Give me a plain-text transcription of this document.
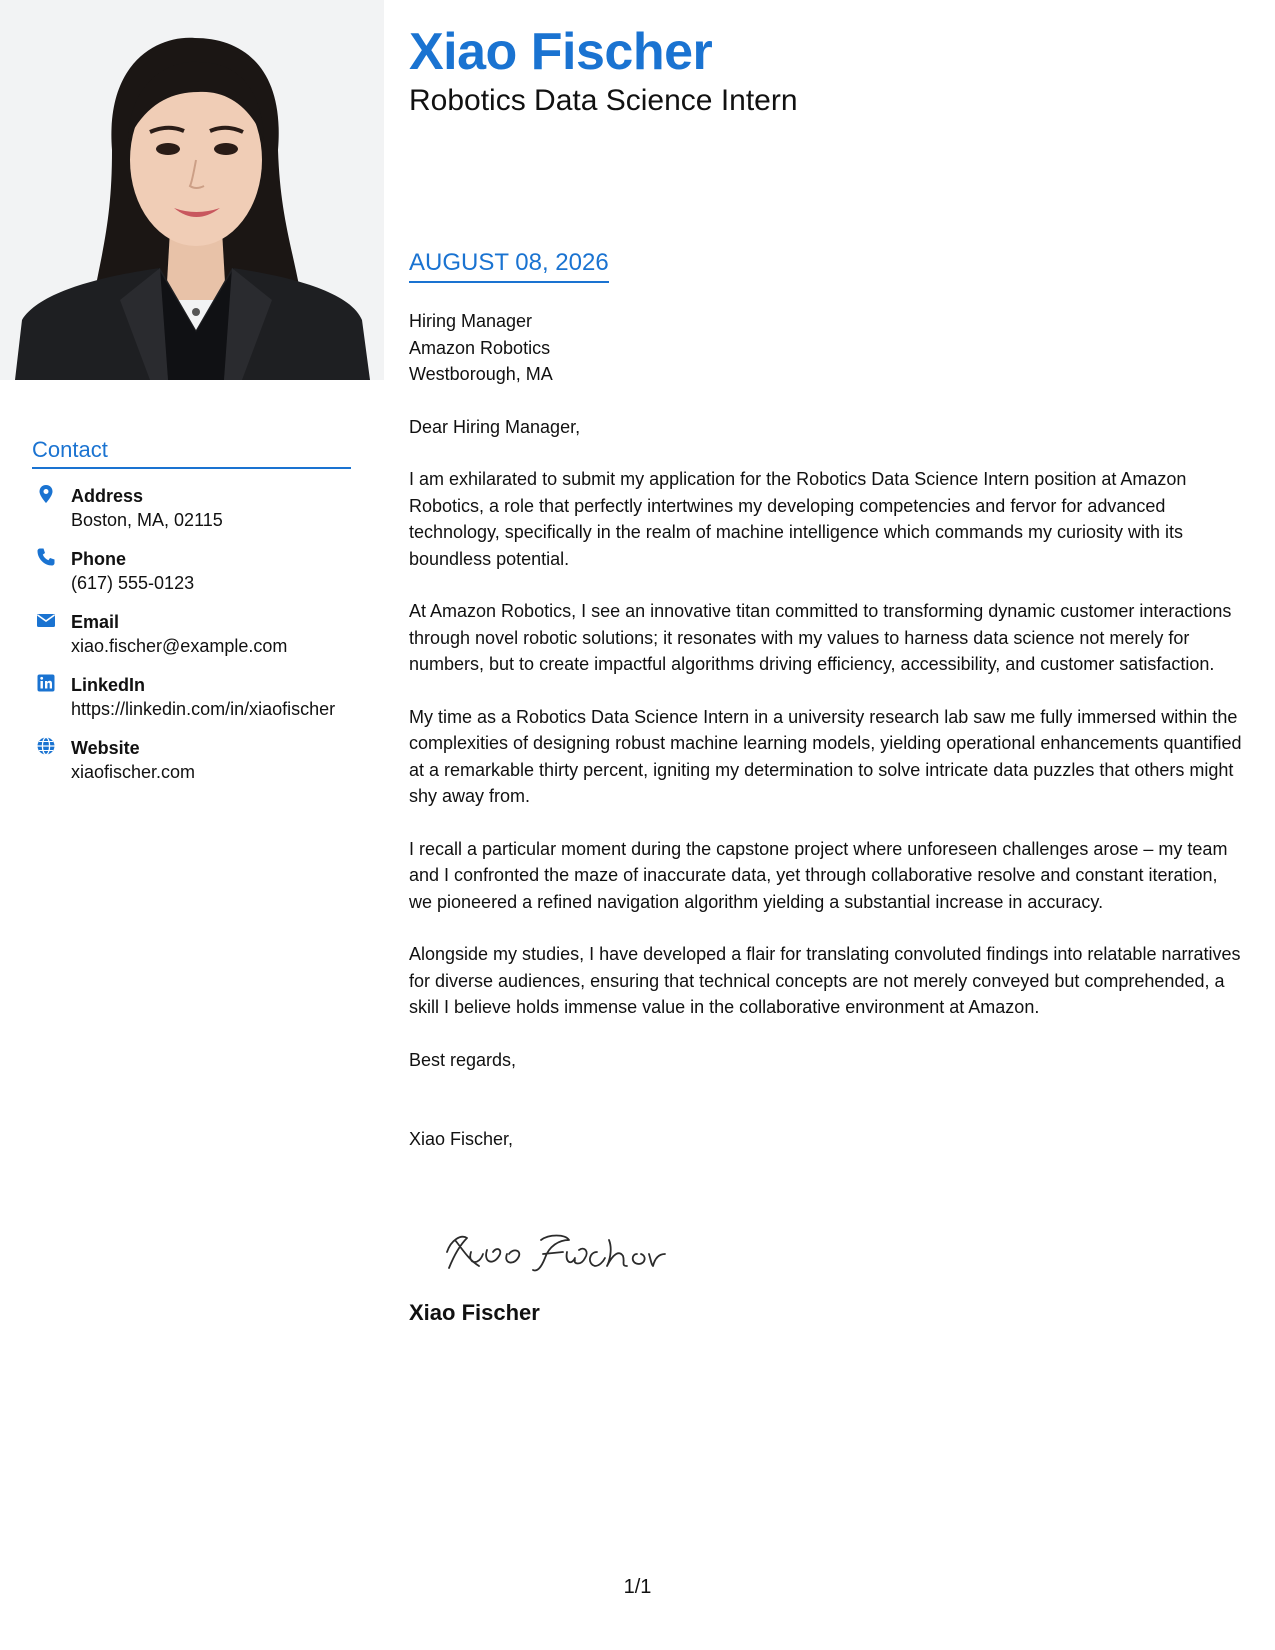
Contact
Address
Boston, MA, 02115
Phone
(617) 555-0123
Email
xiao.fischer@example.com
LinkedIn
https://linkedin.com/in/xiaofischer
Website
xiaofischer.com
Xiao Fischer
Robotics Data Science Intern
AUGUST 08, 2026

Hiring Manager
Amazon Robotics
Westborough, MA

Dear Hiring Manager,

I am exhilarated to submit my application for the Robotics Data Science Intern position at Amazon Robotics, a role that perfectly intertwines my developing competencies and fervor for advanced technology, specifically in the realm of machine intelligence which commands my curiosity with its boundless potential.

At Amazon Robotics, I see an innovative titan committed to transforming dynamic customer interactions through novel robotic solutions; it resonates with my values to harness data science not merely for numbers, but to create impactful algorithms driving efficiency, accessibility, and customer satisfaction.

My time as a Robotics Data Science Intern in a university research lab saw me fully immersed within the complexities of designing robust machine learning models, yielding operational enhancements quantified at a remarkable thirty percent, igniting my determination to solve intricate data puzzles that others might shy away from.

I recall a particular moment during the capstone project where unforeseen challenges arose – my team and I confronted the maze of inaccurate data, yet through collaborative resolve and constant iteration, we pioneered a refined navigation algorithm yielding a substantial increase in accuracy.

Alongside my studies, I have developed a flair for translating convoluted findings into relatable narratives for diverse audiences, ensuring that technical concepts are not merely conveyed but comprehended, a skill I believe holds immense value in the collaborative environment at Amazon.

Best regards,

Xiao Fischer,

Xiao Fischer
1/1
